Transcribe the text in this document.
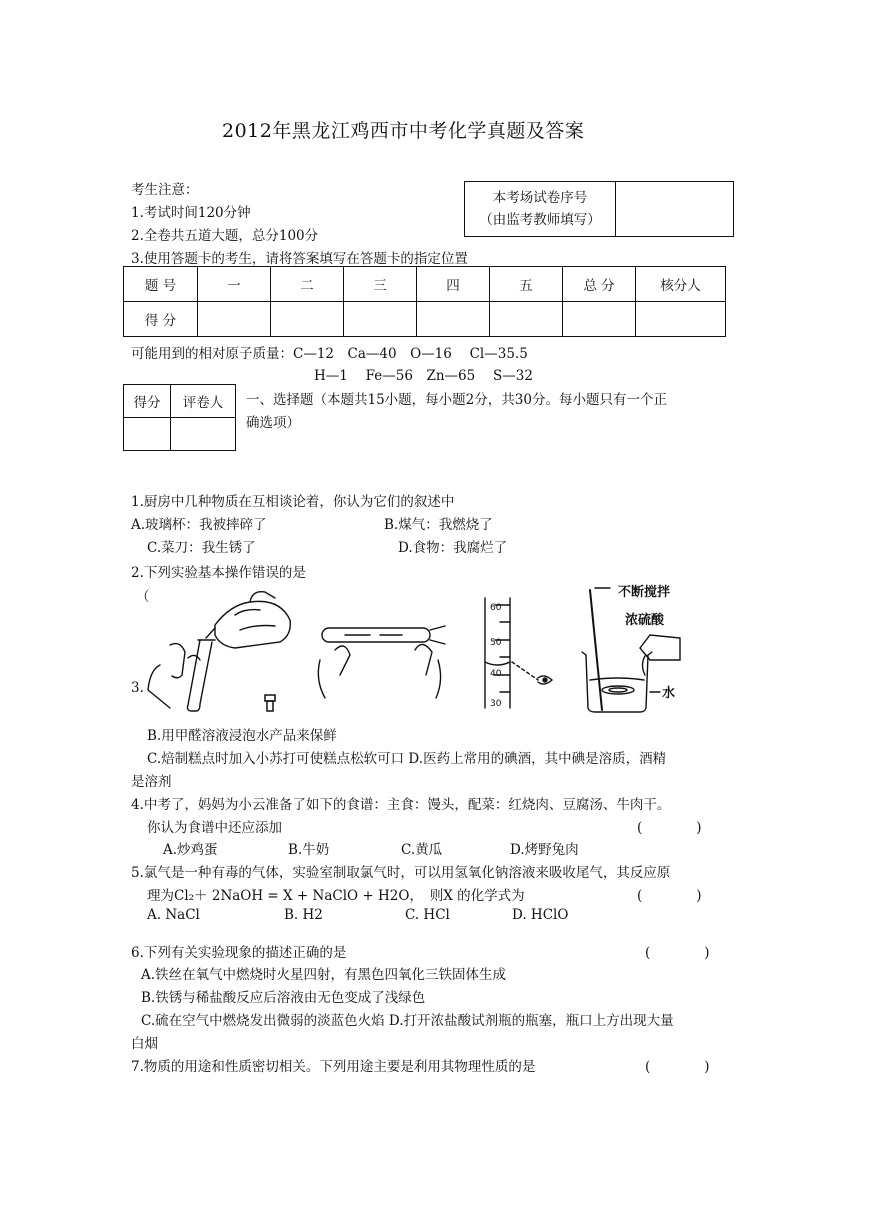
2012年黑龙江鸡西市中考化学真题及答案
考生注意：
1.考试时间120分钟
2.全卷共五道大题，总分100分
3.使用答题卡的考生，请将答案填写在答题卡的指定位置
本考场试卷序号
（由监考教师填写）

题 号	一	二	三	四	五	总 分	核分人
得 分							
可能用到的相对原子质量：C—12　Ca—40　O—16　 Cl—35.5
H—1　 Fe—56　Zn—65　 S—32
得分	评卷人
	一、选择题（本题共15小题，每小题2分，共30分。每小题只有一个正
确选项）
1.厨房中几种物质在互相谈论着，你认为它们的叙述中
A.玻璃杯：我被摔碎了	B.煤气：我燃烧了
C.菜刀：我生锈了	D.食物：我腐烂了
2.下列实验基本操作错误的是
（
60
50
40
30
不断搅拌
浓硫酸
水
3.
B.用甲醛溶液浸泡水产品来保鲜
C.焙制糕点时加入小苏打可使糕点松软可口 D.医药上常用的碘酒，其中碘是溶质，酒精
是溶剂
4.中考了，妈妈为小云准备了如下的食谱：主食：馒头，配菜：红烧肉、豆腐汤、牛肉干。
你认为食谱中还应添加	(　　　　)
A.炒鸡蛋	B.牛奶	C.黄瓜	D.烤野兔肉
5.氯气是一种有毒的气体，实验室制取氯气时，可以用氢氧化钠溶液来吸收尾气，其反应原
理为Cl₂＋ 2NaOH = X + NaClO + H2O，　则X 的化学式为	(　　　　)
A. NaCl	B. H2	C. HCl	D. HClO
6.下列有关实验现象的描述正确的是	(　　　　)
A.铁丝在氧气中燃烧时火星四射，有黑色四氧化三铁固体生成
B.铁锈与稀盐酸反应后溶液由无色变成了浅绿色
C.硫在空气中燃烧发出微弱的淡蓝色火焰 D.打开浓盐酸试剂瓶的瓶塞，瓶口上方出现大量
白烟
7.物质的用途和性质密切相关。下列用途主要是利用其物理性质的是	(　　　　)
